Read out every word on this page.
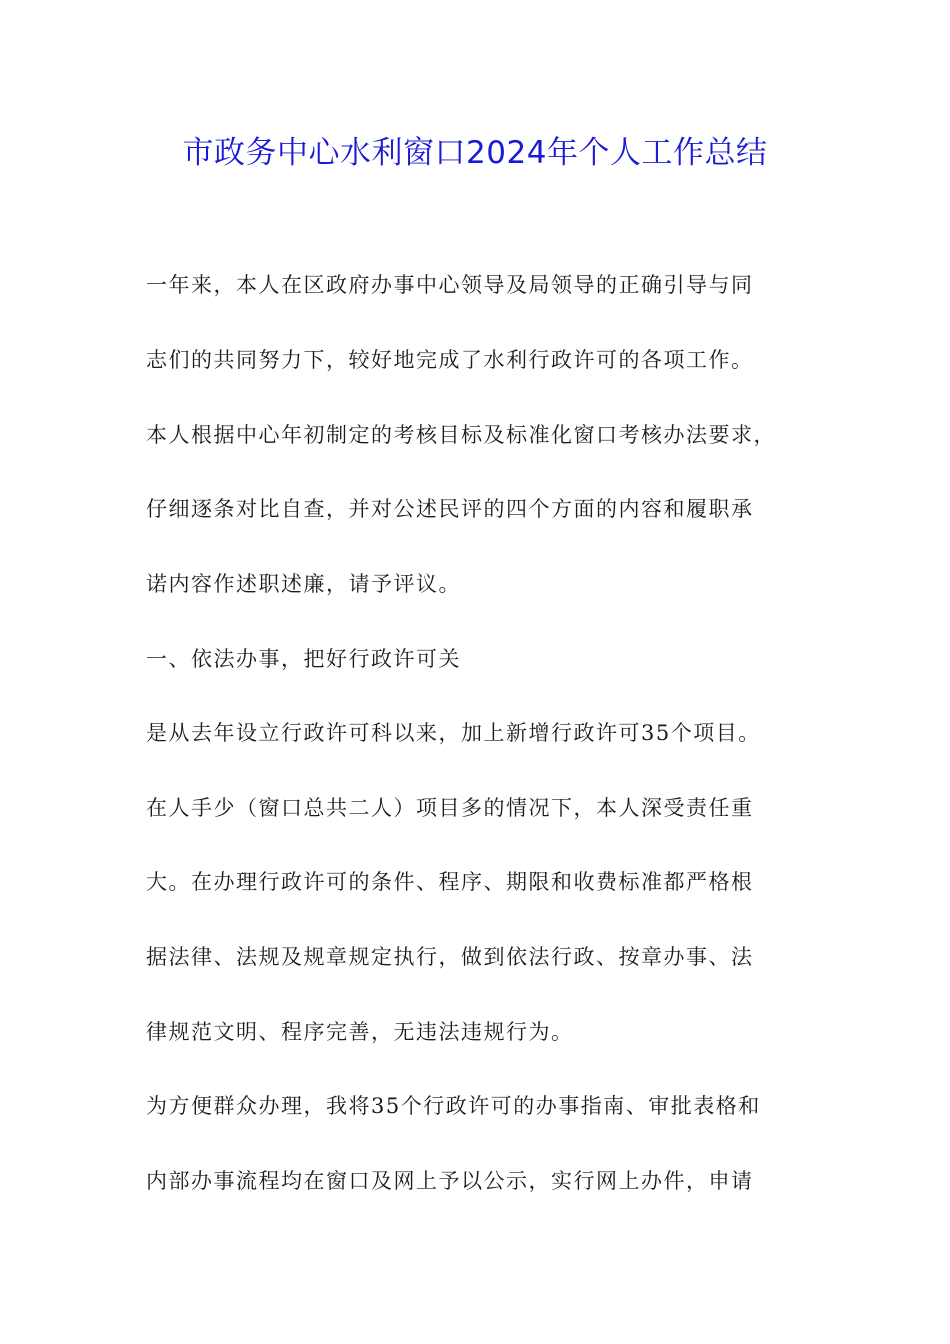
市政务中心水利窗口2024年个人工作总结

一年来，本人在区政府办事中心领导及局领导的正确引导与同

志们的共同努力下，较好地完成了水利行政许可的各项工作。

本人根据中心年初制定的考核目标及标准化窗口考核办法要求，

仔细逐条对比自查，并对公述民评的四个方面的内容和履职承

诺内容作述职述廉，请予评议。

一、依法办事，把好行政许可关

是从去年设立行政许可科以来，加上新增行政许可35个项目。

在人手少（窗口总共二人）项目多的情况下，本人深受责任重

大。在办理行政许可的条件、程序、期限和收费标准都严格根

据法律、法规及规章规定执行，做到依法行政、按章办事、法

律规范文明、程序完善，无违法违规行为。

为方便群众办理，我将35个行政许可的办事指南、审批表格和

内部办事流程均在窗口及网上予以公示，实行网上办件，申请
